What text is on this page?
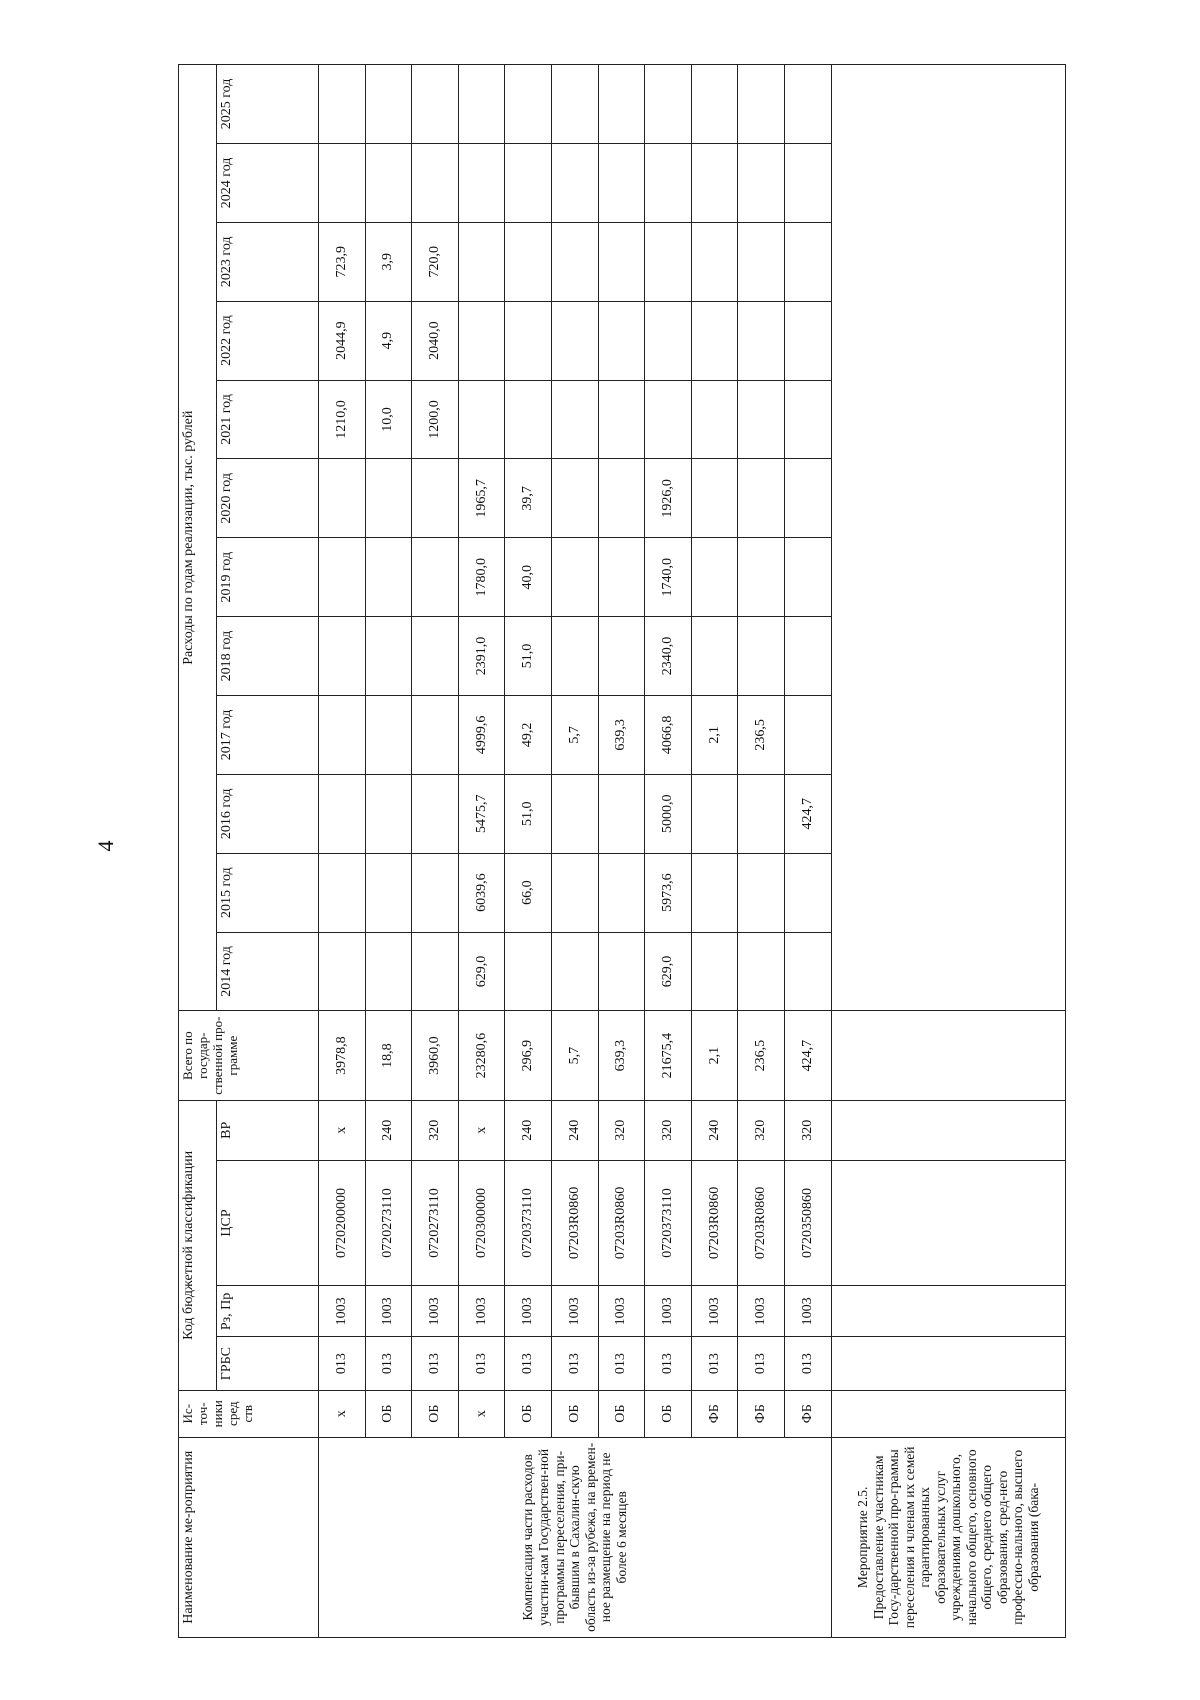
4
Наименование ме-роприятия	Ис-точ-ники сред ств	Код бюджетной классификации				Всего по государ-ственной про-грамме	Расходы по годам реализации, тыс. рублей											
		ГРБС	Рз, Пр	ЦСР	ВР		2014 год	2015 год	2016 год	2017 год	2018 год	2019 год	2020 год	2021 год	2022 год	2023 год	2024 год	2025 год
Компенсация части расходов участни-кам Государствен-ной программы переселения, при-бывшим в Сахалин-скую область из-за рубежа, на времен-ное размещение на период не более 6 месяцев	х	013	1003	0720200000	х	3978,8								1210,0	2044,9	723,9		
	ОБ	013	1003	0720273110	240	18,8								10,0	4,9	3,9		
	ОБ	013	1003	0720273110	320	3960,0								1200,0	2040,0	720,0		
	х	013	1003	0720300000	х	23280,6	629,0	6039,6	5475,7	4999,6	2391,0	1780,0	1965,7					
	ОБ	013	1003	0720373110	240	296,9		66,0	51,0	49,2	51,0	40,0	39,7					
	ОБ	013	1003	07203R0860	240	5,7				5,7								
	ОБ	013	1003	07203R0860	320	639,3				639,3								
	ОБ	013	1003	0720373110	320	21675,4	629,0	5973,6	5000,0	4066,8	2340,0	1740,0	1926,0					
	ФБ	013	1003	07203R0860	240	2,1				2,1								
	ФБ	013	1003	07203R0860	320	236,5				236,5								
	ФБ	013	1003	0720350860	320	424,7			424,7									
Мероприятие 2.5. Предоставление участникам Госу-дарственной про-граммы переселения и членам их семей гарантированных образовательных услуг учреждениями дошкольного, начального общего, основного общего, среднего общего образования, сред-него профессио-нального, высшего образования (бака-																		
